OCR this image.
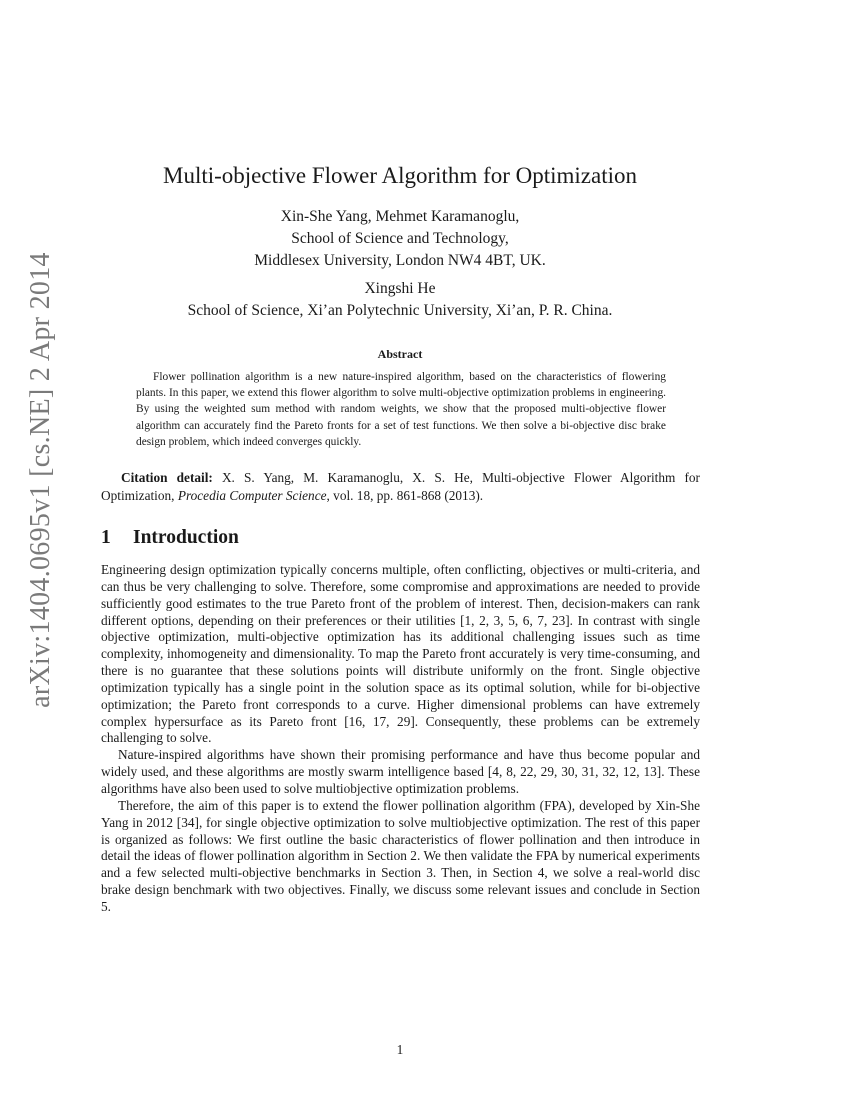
arXiv:1404.0695v1 [cs.NE] 2 Apr 2014
Multi-objective Flower Algorithm for Optimization
Xin-She Yang, Mehmet Karamanoglu,
School of Science and Technology,
Middlesex University, London NW4 4BT, UK.
Xingshi He
School of Science, Xi’an Polytechnic University, Xi’an, P. R. China.
Abstract
Flower pollination algorithm is a new nature-inspired algorithm, based on the characteristics of flowering plants. In this paper, we extend this flower algorithm to solve multi-objective optimization problems in engineering. By using the weighted sum method with random weights, we show that the proposed multi-objective flower algorithm can accurately find the Pareto fronts for a set of test functions. We then solve a bi-objective disc brake design problem, which indeed converges quickly.
Citation detail: X. S. Yang, M. Karamanoglu, X. S. He, Multi-objective Flower Algorithm for Optimization, Procedia Computer Science, vol. 18, pp. 861-868 (2013).
1 Introduction

Engineering design optimization typically concerns multiple, often conflicting, objectives or multi-criteria, and can thus be very challenging to solve. Therefore, some compromise and approximations are needed to provide sufficiently good estimates to the true Pareto front of the problem of interest. Then, decision-makers can rank different options, depending on their preferences or their utilities [1, 2, 3, 5, 6, 7, 23]. In contrast with single objective optimization, multi-objective optimization has its additional challenging issues such as time complexity, inhomogeneity and dimensionality. To map the Pareto front accurately is very time-consuming, and there is no guarantee that these solutions points will distribute uniformly on the front. Single objective optimization typically has a single point in the solution space as its optimal solution, while for bi-objective optimization; the Pareto front corresponds to a curve. Higher dimensional problems can have extremely complex hypersurface as its Pareto front [16, 17, 29]. Consequently, these problems can be extremely challenging to solve.

Nature-inspired algorithms have shown their promising performance and have thus become popular and widely used, and these algorithms are mostly swarm intelligence based [4, 8, 22, 29, 30, 31, 32, 12, 13]. These algorithms have also been used to solve multiobjective optimization problems.

Therefore, the aim of this paper is to extend the flower pollination algorithm (FPA), developed by Xin-She Yang in 2012 [34], for single objective optimization to solve multiobjective optimization. The rest of this paper is organized as follows: We first outline the basic characteristics of flower pollination and then introduce in detail the ideas of flower pollination algorithm in Section 2. We then validate the FPA by numerical experiments and a few selected multi-objective benchmarks in Section 3. Then, in Section 4, we solve a real-world disc brake design benchmark with two objectives. Finally, we discuss some relevant issues and conclude in Section 5.

1
